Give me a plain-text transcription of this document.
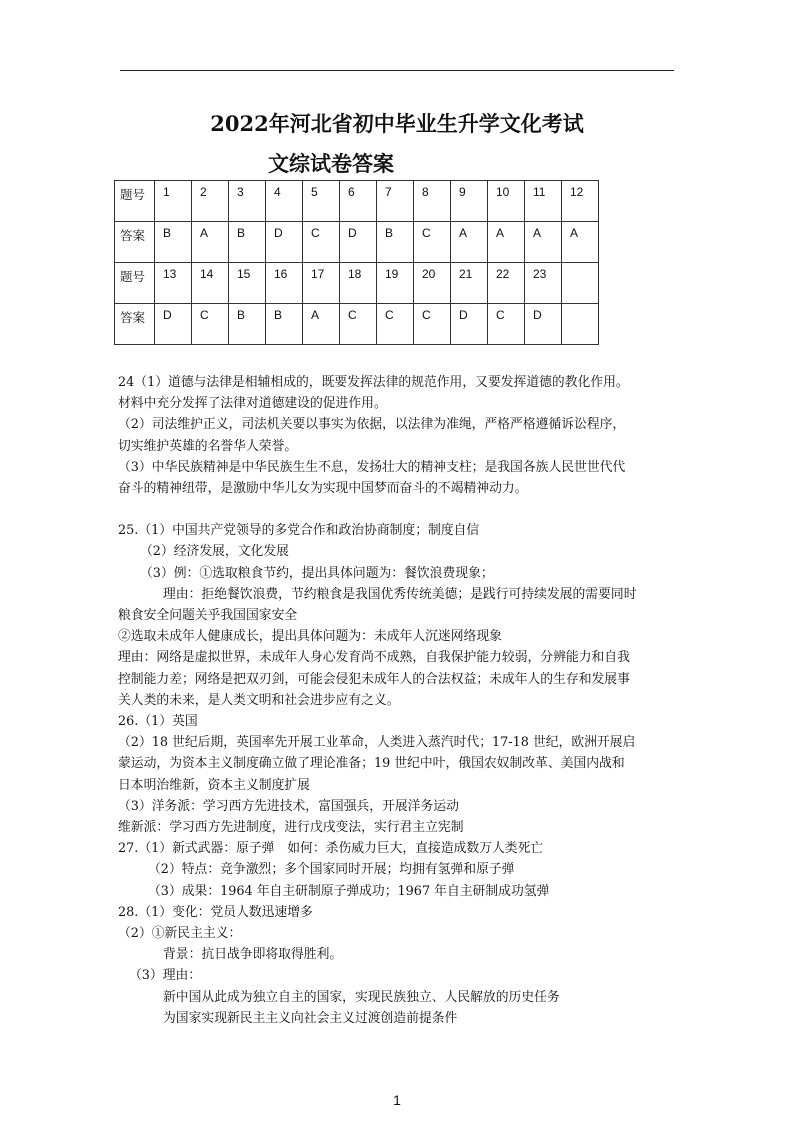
2022年河北省初中毕业生升学文化考试
文综试卷答案
题号	1	2	3	4	5	6	7	8	9	10	11	12
答案	B	A	B	D	C	D	B	C	A	A	A	A
题号	13	14	15	16	17	18	19	20	21	22	23	
答案	D	C	B	B	A	C	C	C	D	C	D	

24（1）道德与法律是相辅相成的，既要发挥法律的规范作用，又要发挥道德的教化作用。

材料中充分发挥了法律对道德建设的促进作用。

（2）司法维护正义，司法机关要以事实为依据，以法律为准绳，严格严格遵循诉讼程序，

切实维护英雄的名誉华人荣誉。

（3）中华民族精神是中华民族生生不息，发扬壮大的精神支柱；是我国各族人民世世代代

奋斗的精神纽带，是激励中华儿女为实现中国梦而奋斗的不竭精神动力。

25.（1）中国共产党领导的多党合作和政治协商制度；制度自信

（2）经济发展，文化发展

（3）例：①选取粮食节约，提出具体问题为：餐饮浪费现象；

理由：拒绝餐饮浪费，节约粮食是我国优秀传统美德；是践行可持续发展的需要同时

粮食安全问题关乎我国国家安全

②选取未成年人健康成长，提出具体问题为：未成年人沉迷网络现象

理由：网络是虚拟世界，未成年人身心发育尚不成熟，自我保护能力较弱，分辨能力和自我

控制能力差；网络是把双刃剑，可能会侵犯未成年人的合法权益；未成年人的生存和发展事

关人类的未来，是人类文明和社会进步应有之义。

26.（1）英国

（2）18 世纪后期，英国率先开展工业革命，人类进入蒸汽时代；17-18 世纪，欧洲开展启

蒙运动，为资本主义制度确立做了理论准备；19 世纪中叶，俄国农奴制改革、美国内战和

日本明治维新，资本主义制度扩展

（3）洋务派：学习西方先进技术，富国强兵，开展洋务运动

维新派：学习西方先进制度，进行戊戌变法，实行君主立宪制

27.（1）新式武器：原子弹　如何：杀伤威力巨大，直接造成数万人类死亡

（2）特点：竞争激烈；多个国家同时开展；均拥有氢弹和原子弹

（3）成果：1964 年自主研制原子弹成功；1967 年自主研制成功氢弹

28.（1）变化：党员人数迅速增多

（2）①新民主主义：

背景：抗日战争即将取得胜利。

（3）理由：

新中国从此成为独立自主的国家，实现民族独立、人民解放的历史任务

为国家实现新民主主义向社会主义过渡创造前提条件

1
